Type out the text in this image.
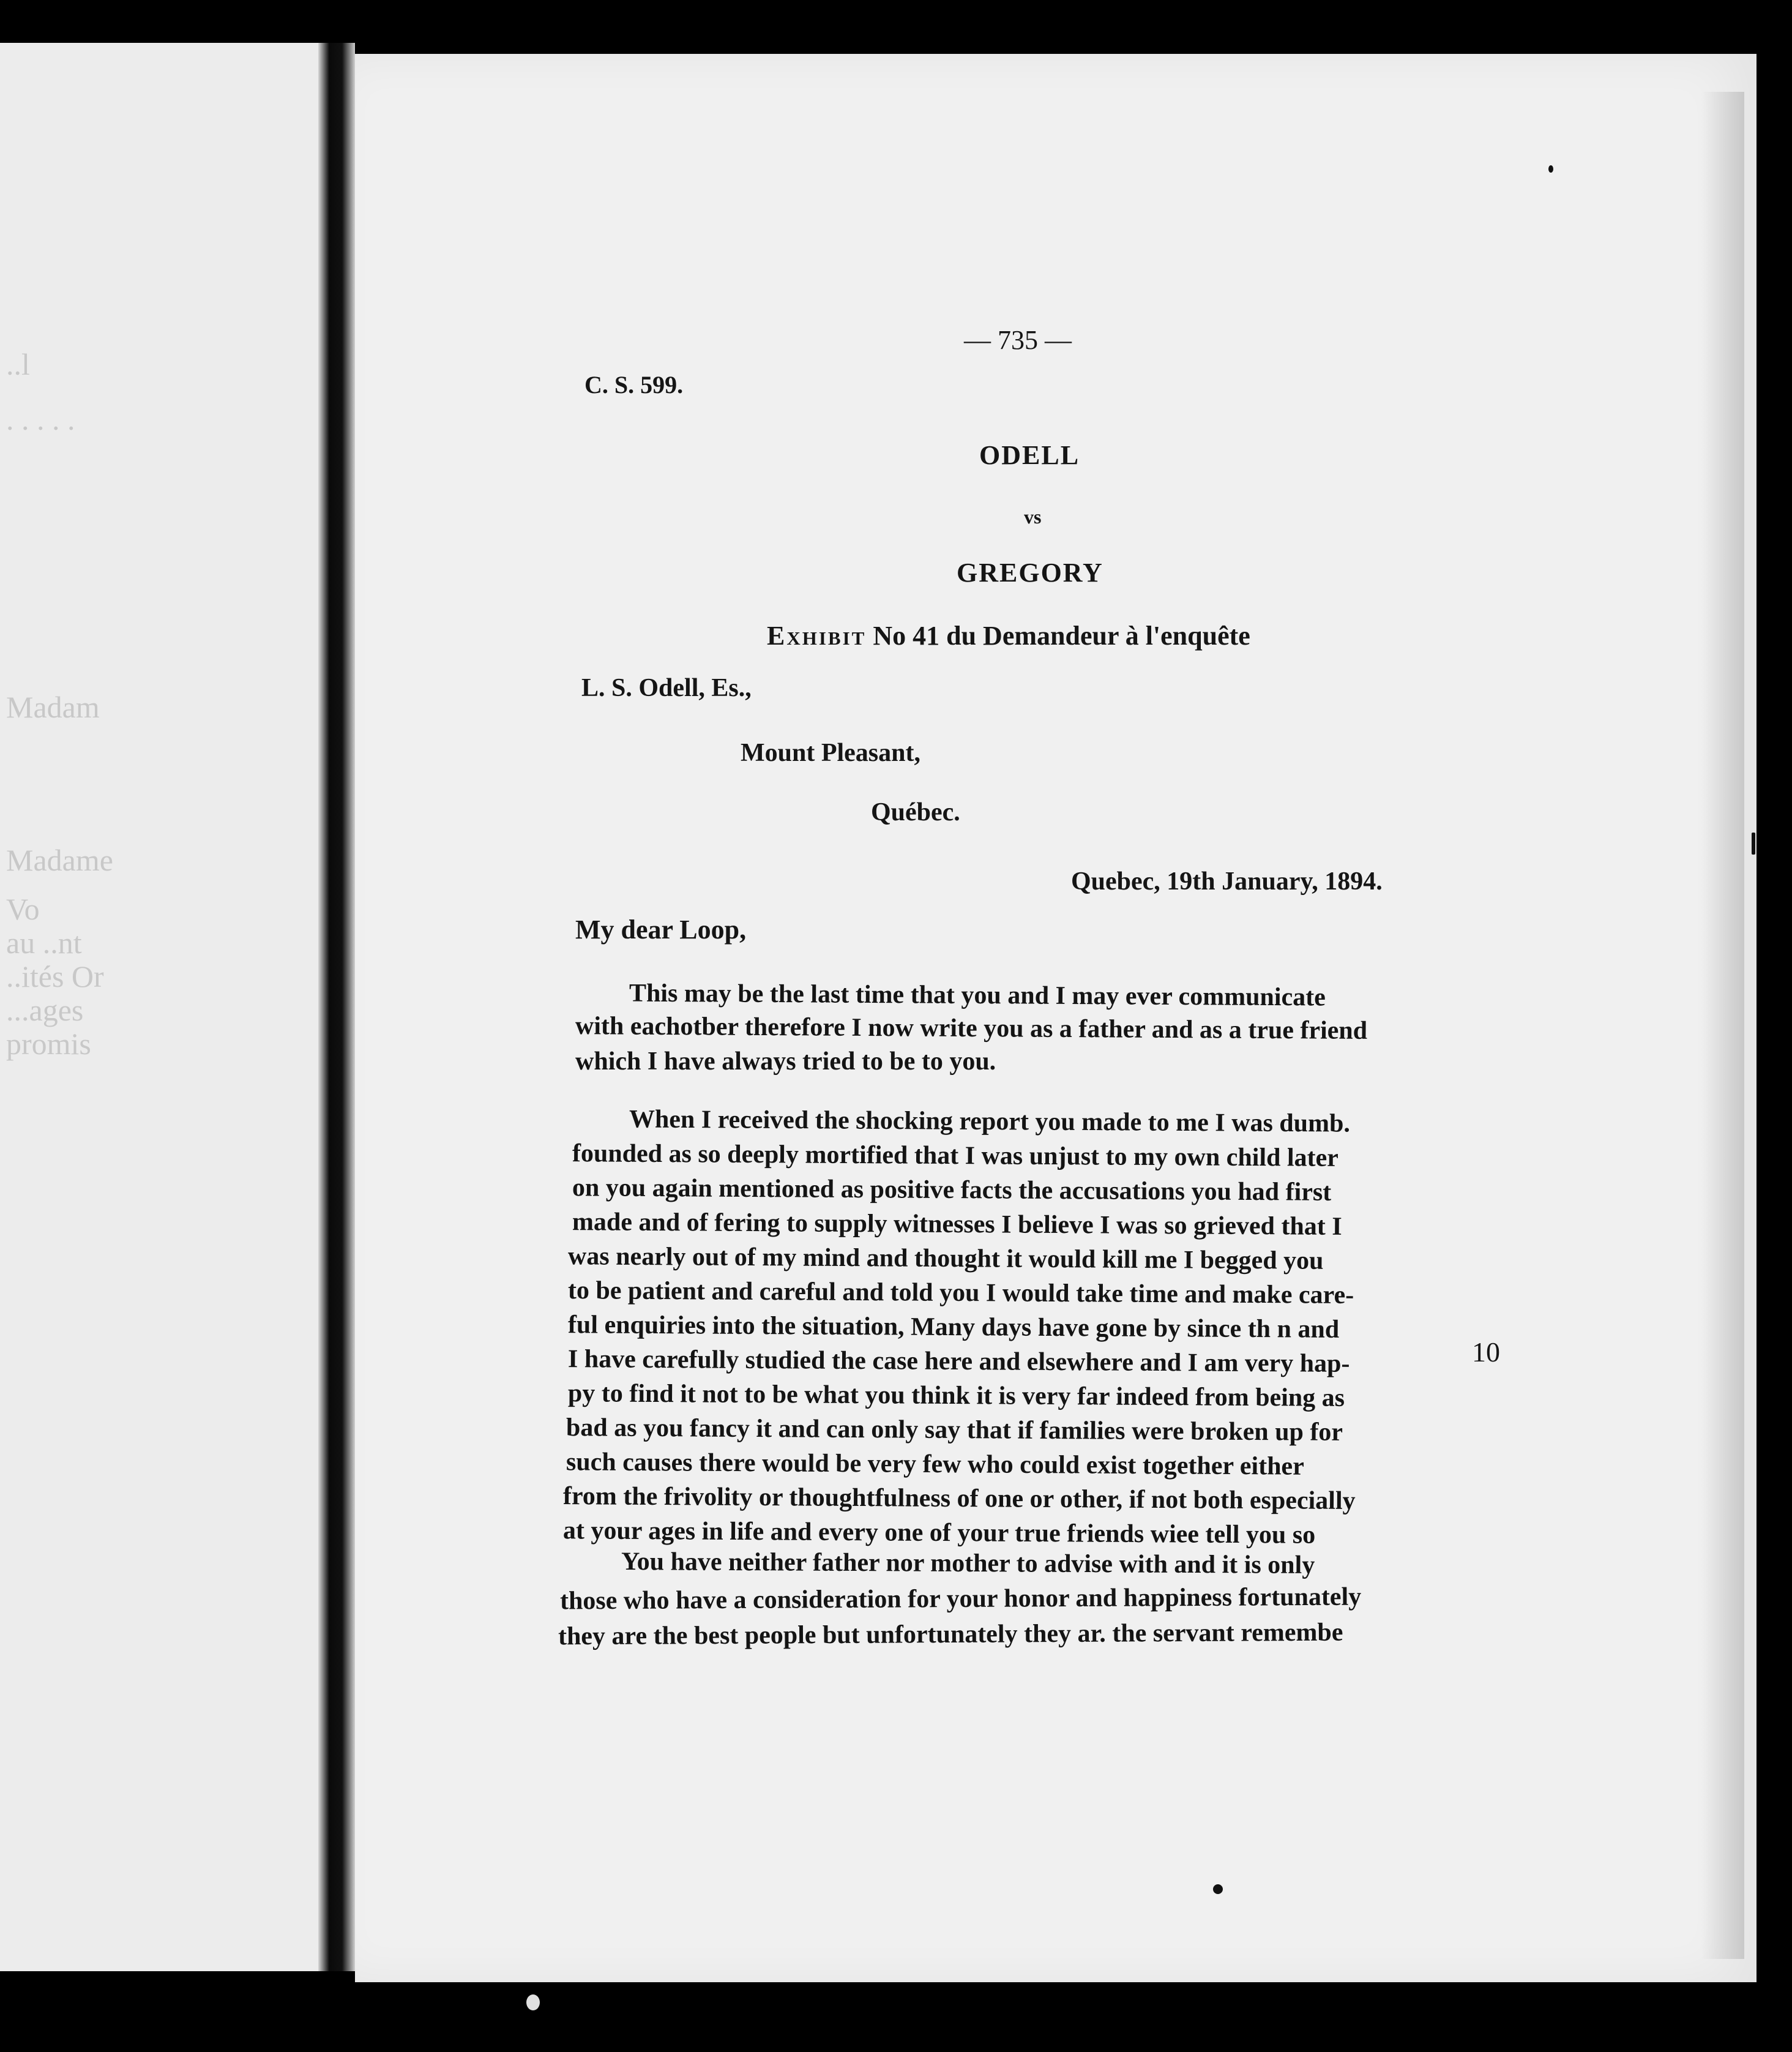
..l
. . . . .
Madam
Madame
Vo
au ..nt
..ités Or
...ages
promis
— 735 —
C. S. 599.
ODELL
vs
GREGORY
Exhibit No 41 du Demandeur à l'enquête
L. S. Odell, Es.,
Mount Pleasant,
Québec.
Quebec, 19th January, 1894.
My dear Loop,
This may be the last time that you and I may ever communicate
with eachotber therefore I now write you as a father and as a true friend
which I have always tried to be to you.
When I received the shocking report you made to me I was dumb.
founded as so deeply mortified that I was unjust to my own child later
on you again mentioned as positive facts the accusations you had first
made and of fering to supply witnesses I believe I was so grieved that I
was nearly out of my mind and thought it would kill me I begged you
to be patient and careful and told you I would take time and make care-
ful enquiries into the situation, Many days have gone by since th n and
I have carefully studied the case here and elsewhere and I am very hap-
py to find it not to be what you think it is very far indeed from being as
bad as you fancy it and can only say that if families were broken up for
such causes there would be very few who could exist together either
from the frivolity or thoughtfulness of one or other, if not both especially
at your ages in life and every one of your true friends wiee tell you so
You have neither father nor mother to advise with and it is only
those who have a consideration for your honor and happiness fortunately
they are the best people but unfortunately they ar. the servant remembe
10
